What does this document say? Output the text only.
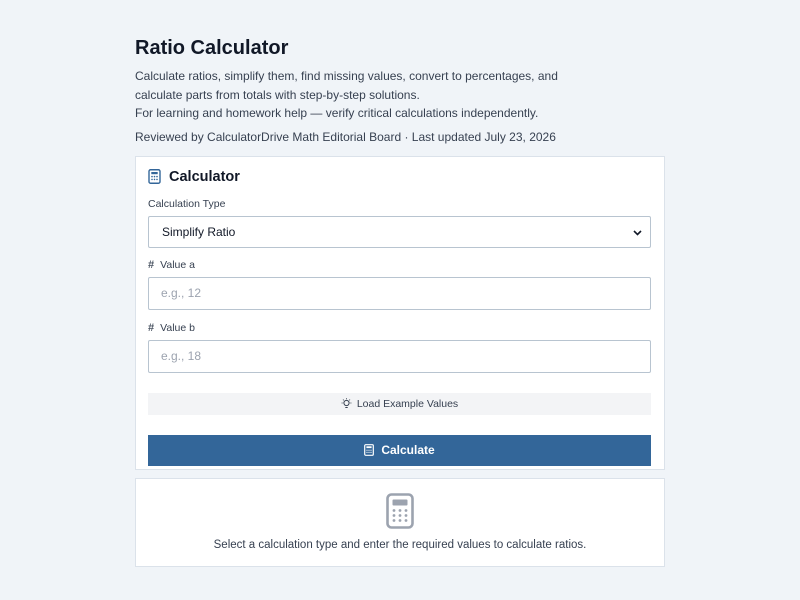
Ratio Calculator
Calculate ratios, simplify them, find missing values, convert to percentages, and
calculate parts from totals with step-by-step solutions.
For learning and homework help — verify critical calculations independently.
Reviewed by CalculatorDrive Math Editorial Board · Last updated July 23, 2026
Calculator
Calculation Type
Simplify Ratio
# Value a
e.g., 12
# Value b
e.g., 18
Load Example Values
Calculate
Select a calculation type and enter the required values to calculate ratios.
